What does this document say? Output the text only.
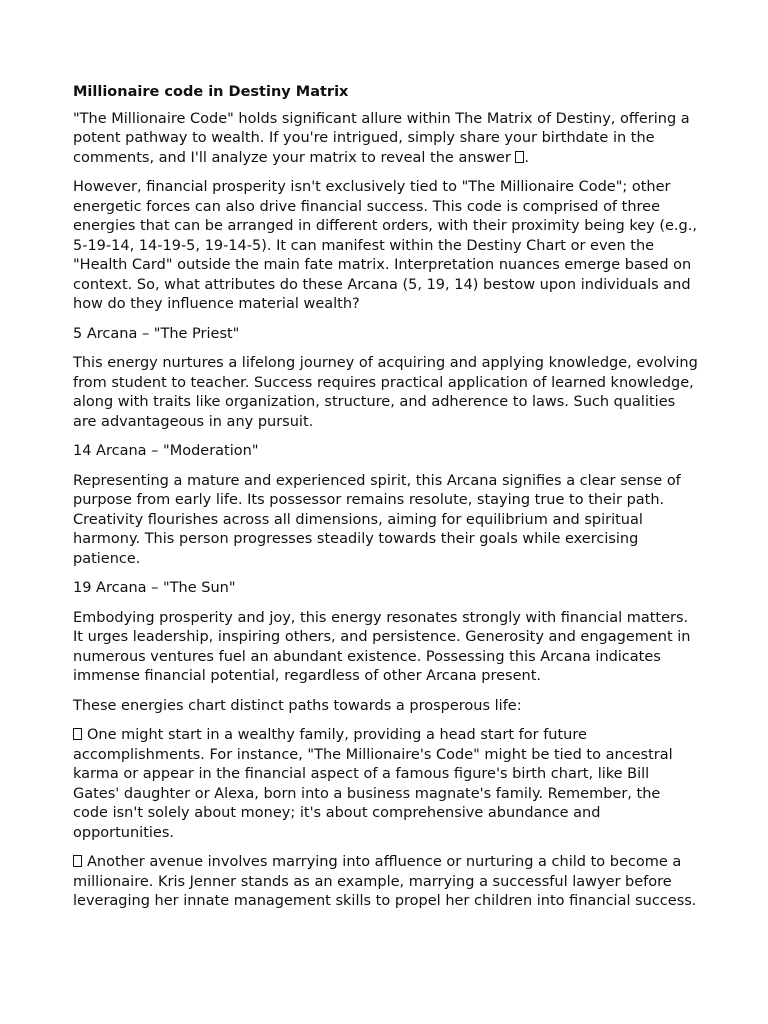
Millionaire code in Destiny Matrix

"The Millionaire Code" holds significant allure within The Matrix of Destiny, offering a potent pathway to wealth. If you're intrigued, simply share your birthdate in the comments, and I'll analyze your matrix to reveal the answer .

However, financial prosperity isn't exclusively tied to "The Millionaire Code"; other energetic forces can also drive financial success. This code is comprised of three energies that can be arranged in different orders, with their proximity being key (e.g., 5-19-14, 14-19-5, 19-14-5). It can manifest within the Destiny Chart or even the "Health Card" outside the main fate matrix. Interpretation nuances emerge based on context. So, what attributes do these Arcana (5, 19, 14) bestow upon individuals and how do they influence material wealth?

5 Arcana – "The Priest"

This energy nurtures a lifelong journey of acquiring and applying knowledge, evolving from student to teacher. Success requires practical application of learned knowledge, along with traits like organization, structure, and adherence to laws. Such qualities are advantageous in any pursuit.

14 Arcana – "Moderation"

Representing a mature and experienced spirit, this Arcana signifies a clear sense of purpose from early life. Its possessor remains resolute, staying true to their path. Creativity flourishes across all dimensions, aiming for equilibrium and spiritual harmony. This person progresses steadily towards their goals while exercising patience.

19 Arcana – "The Sun"

Embodying prosperity and joy, this energy resonates strongly with financial matters. It urges leadership, inspiring others, and persistence. Generosity and engagement in numerous ventures fuel an abundant existence. Possessing this Arcana indicates immense financial potential, regardless of other Arcana present.

These energies chart distinct paths towards a prosperous life:

One might start in a wealthy family, providing a head start for future accomplishments. For instance, "The Millionaire's Code" might be tied to ancestral karma or appear in the financial aspect of a famous figure's birth chart, like Bill Gates' daughter or Alexa, born into a business magnate's family. Remember, the code isn't solely about money; it's about comprehensive abundance and opportunities.

Another avenue involves marrying into affluence or nurturing a child to become a millionaire. Kris Jenner stands as an example, marrying a successful lawyer before leveraging her innate management skills to propel her children into financial success.
